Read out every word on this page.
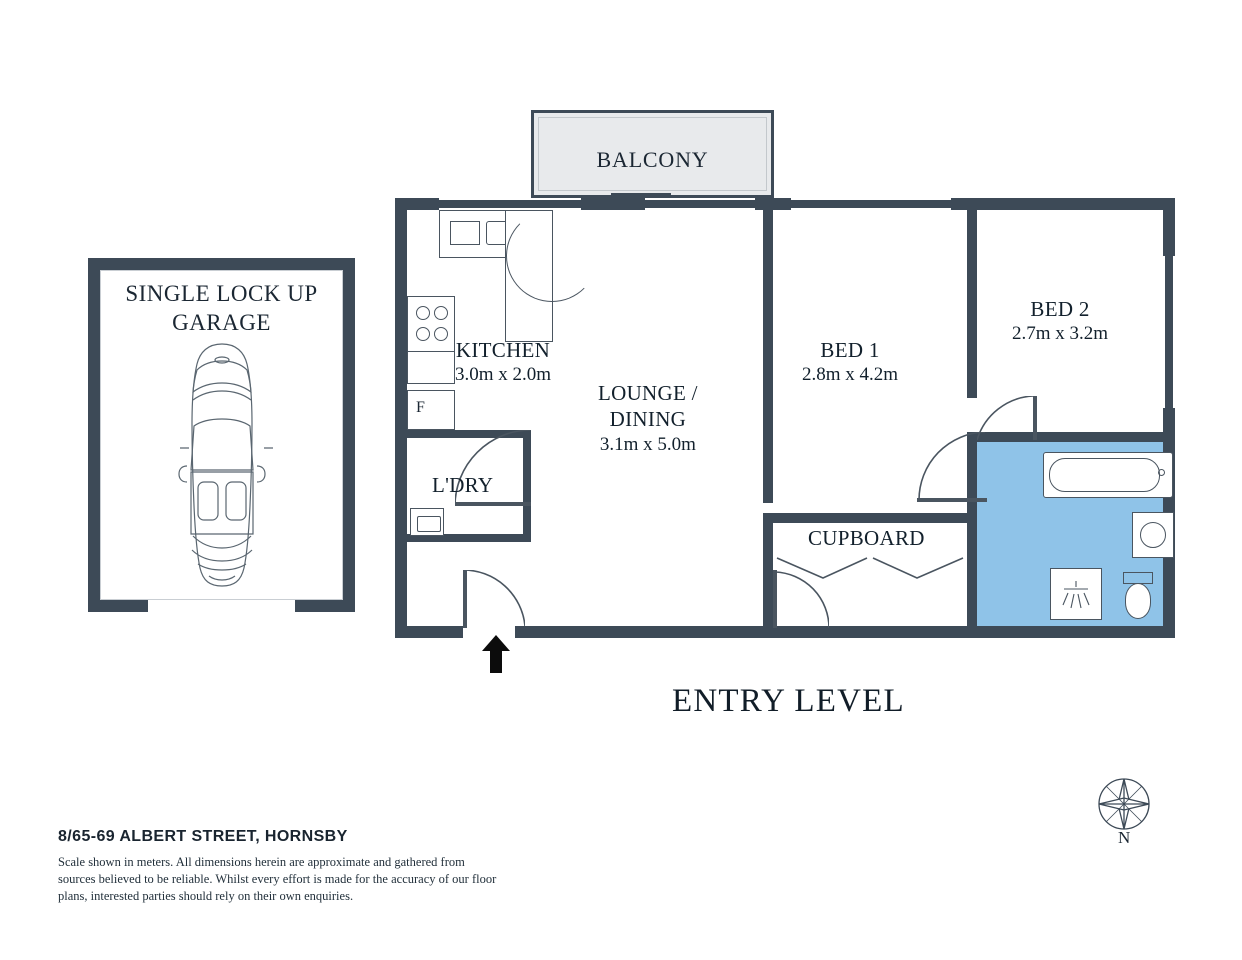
SINGLE LOCK UP
GARAGE
BALCONY
F
KITCHEN
3.0m x 2.0m
LOUNGE /
DINING
3.1m x 5.0m
L'DRY
BED 1
2.8m x 4.2m
BED 2
2.7m x 3.2m
CUPBOARD
ENTRY LEVEL
N
8/65-69 ALBERT STREET, HORNSBY
Scale shown in meters. All dimensions herein are approximate and gathered from sources believed to be reliable. Whilst every effort is made for the accuracy of our floor plans, interested parties should rely on their own enquiries.
